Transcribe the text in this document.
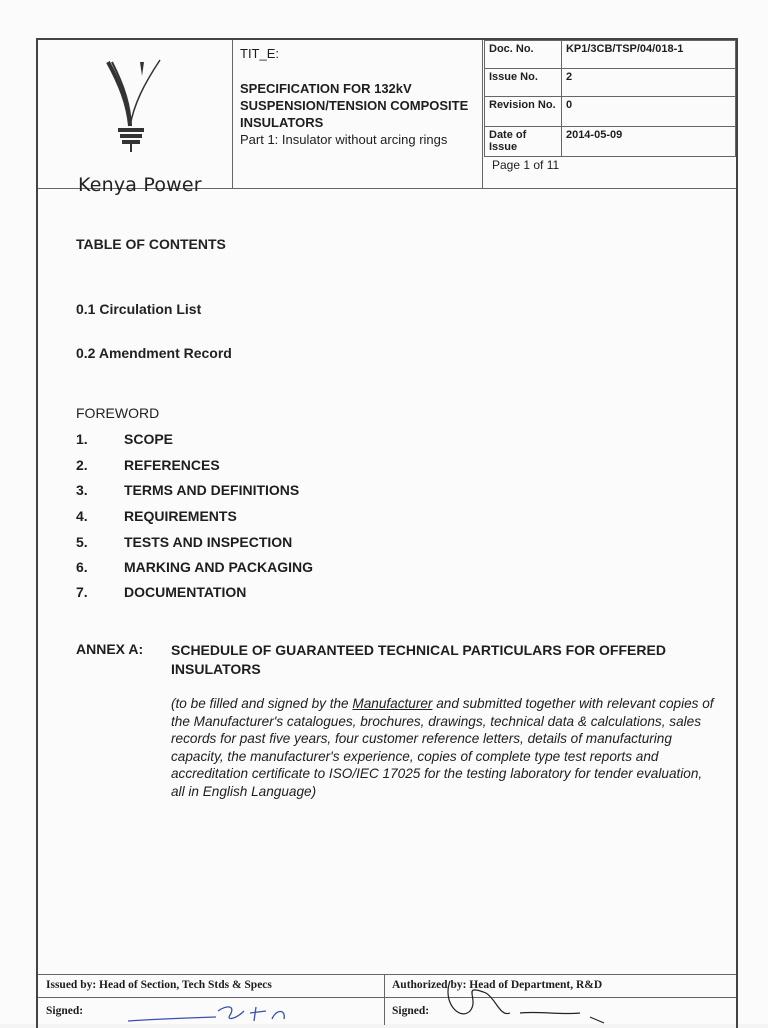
Kenya Power
TIT_E:
SPECIFICATION FOR 132kV SUSPENSION/TENSION COMPOSITE INSULATORS
Part 1: Insulator without arcing rings
Doc. No.	KP1/3CB/TSP/04/018-1
Issue No.	2
Revision No.	0
Date of Issue	2014-05-09
Page 1 of 11
TABLE OF CONTENTS
0.1 Circulation List
0.2 Amendment Record
FOREWORD
1.	SCOPE
2.	REFERENCES
3.	TERMS AND DEFINITIONS
4.	REQUIREMENTS
5.	TESTS AND INSPECTION
6.	MARKING AND PACKAGING
7.	DOCUMENTATION
ANNEX A: SCHEDULE OF GUARANTEED TECHNICAL PARTICULARS FOR OFFERED INSULATORS
(to be filled and signed by the Manufacturer and submitted together with relevant copies of the Manufacturer's catalogues, brochures, drawings, technical data & calculations, sales records for past five years, four customer reference letters, details of manufacturing capacity, the manufacturer's experience, copies of complete type test reports and accreditation certificate to ISO/IEC 17025 for the testing laboratory for tender evaluation, all in English Language)
Issued by: Head of Section, Tech Stds & Specs	Authorized by: Head of Department, R&D
Signed:	Signed:
